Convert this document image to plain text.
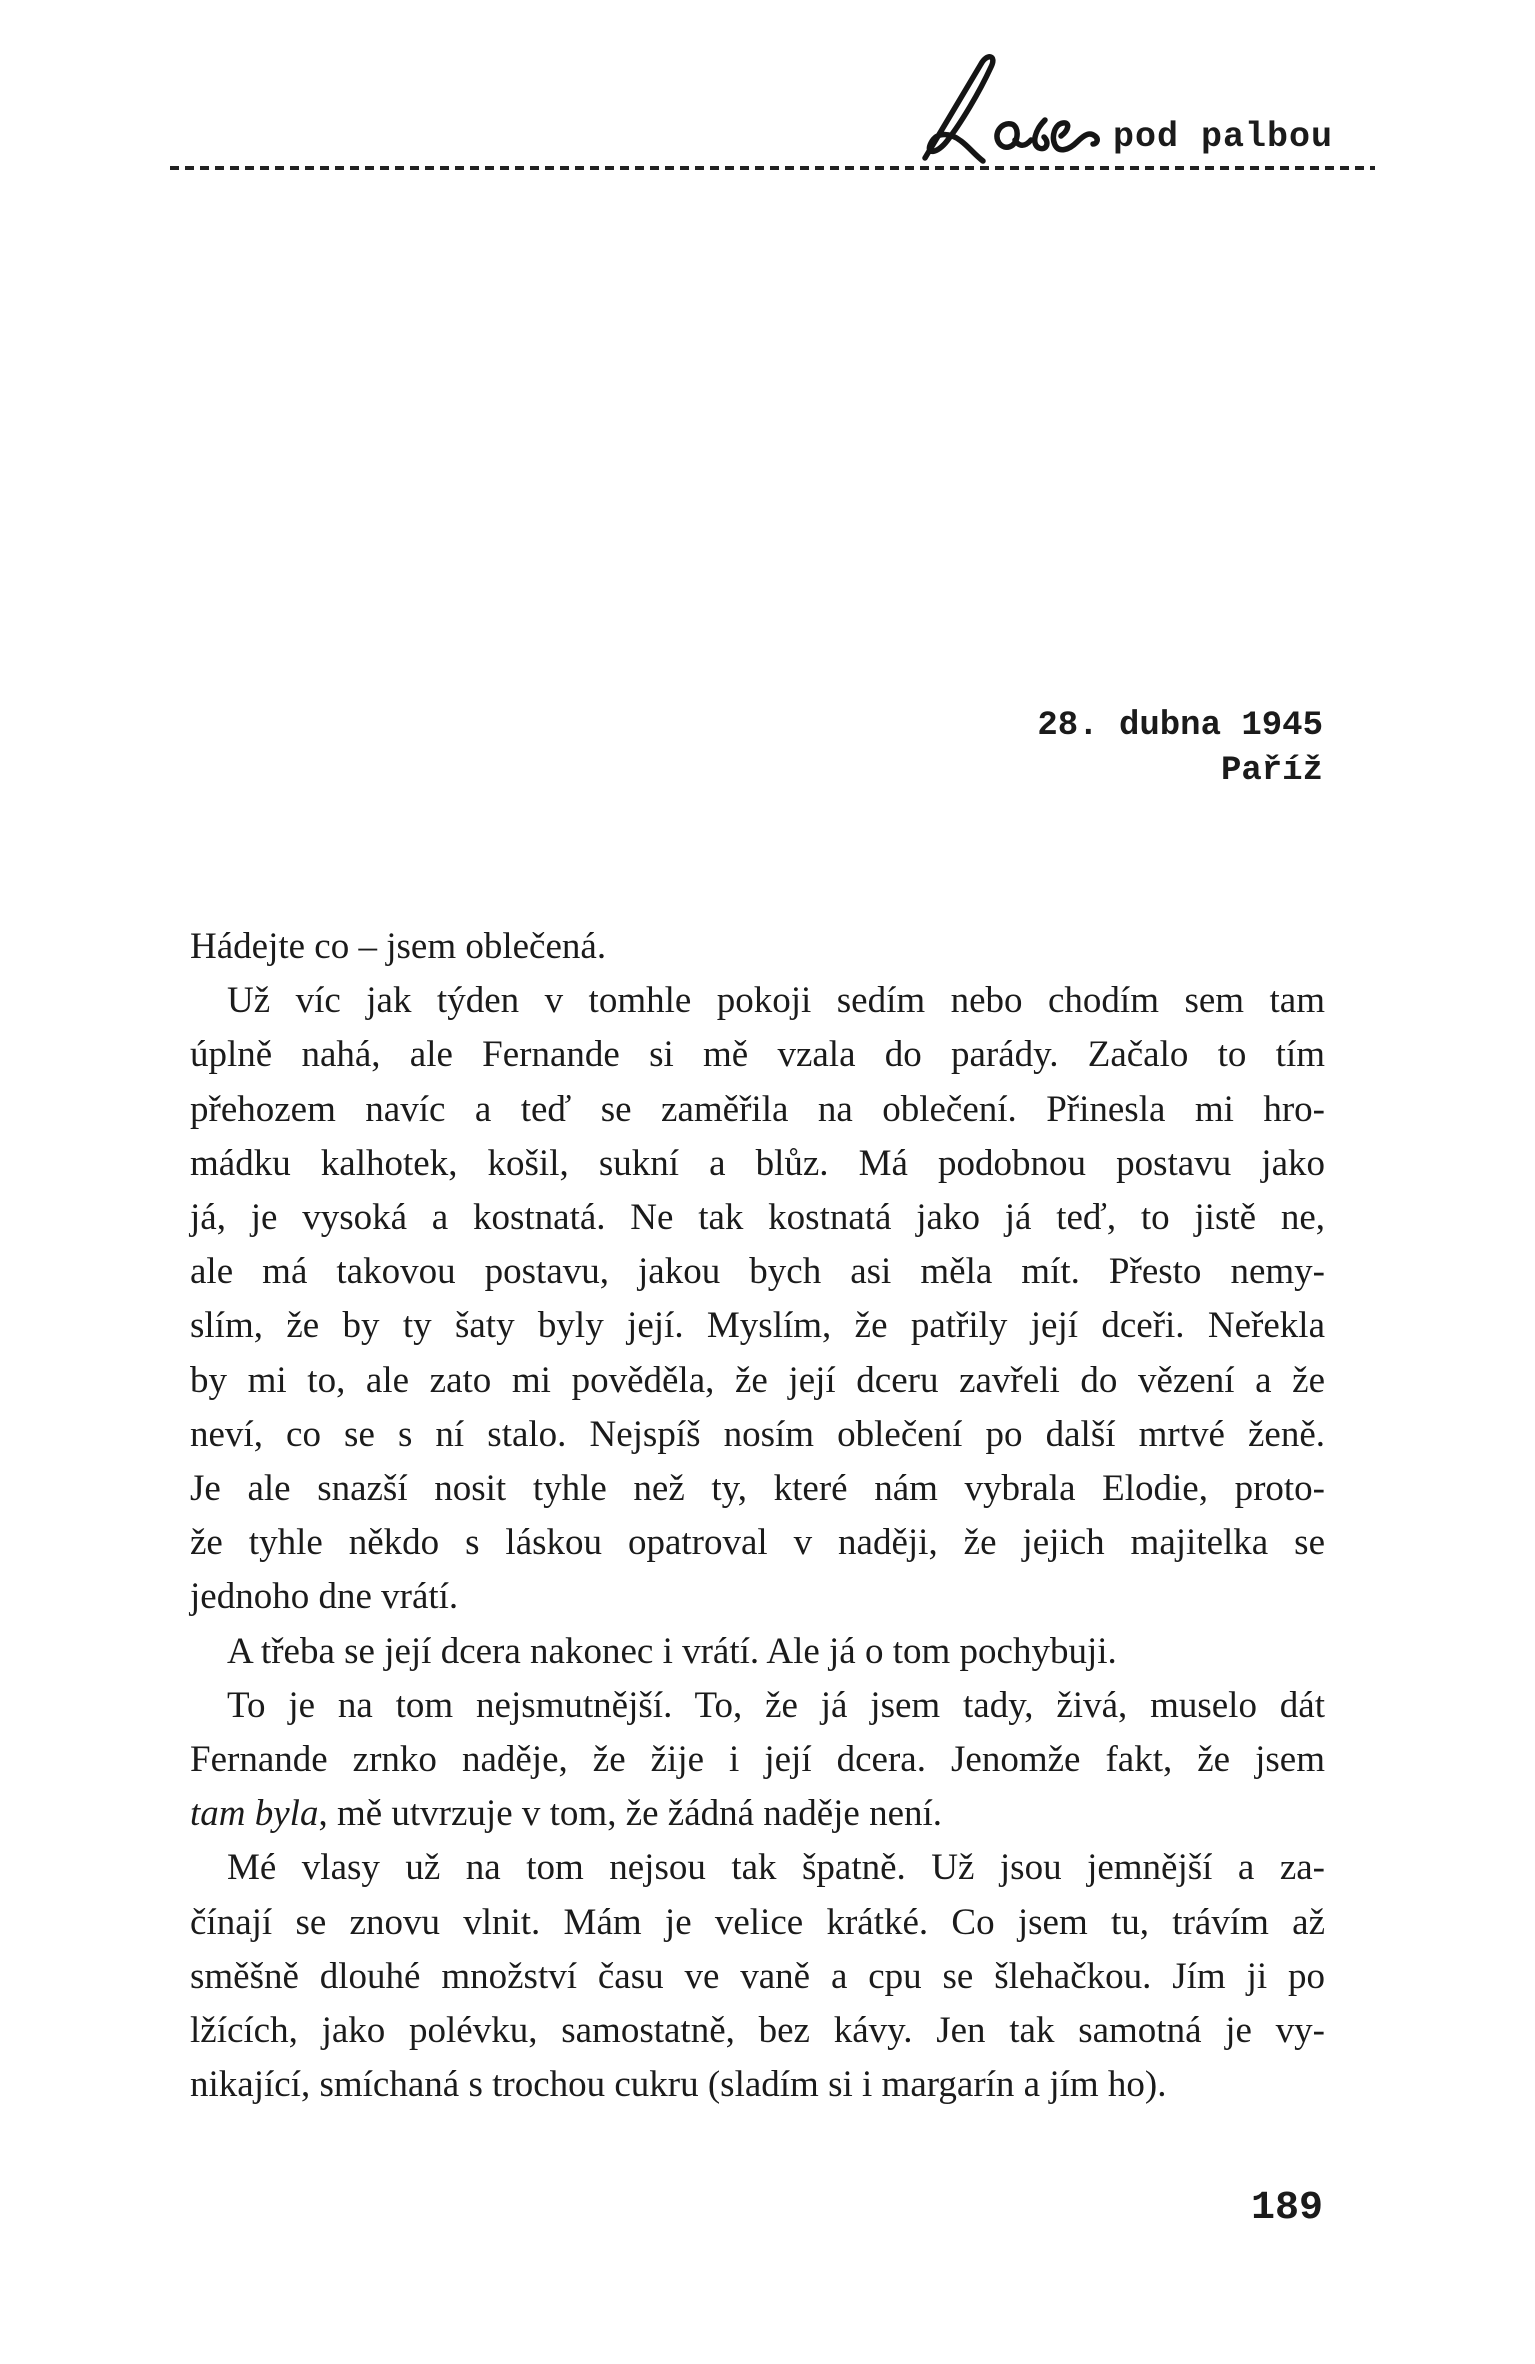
pod palbou
28. dubna 1945
Paříž
Hádejte co – jsem oblečená.
Už víc jak týden v tomhle pokoji sedím nebo chodím sem tam
úplně nahá, ale Fernande si mě vzala do parády. Začalo to tím
přehozem navíc a teď se zaměřila na oblečení. Přinesla mi hro-
mádku kalhotek, košil, sukní a blůz. Má podobnou postavu jako
já, je vysoká a kostnatá. Ne tak kostnatá jako já teď, to jistě ne,
ale má takovou postavu, jakou bych asi měla mít. Přesto nemy-
slím, že by ty šaty byly její. Myslím, že patřily její dceři. Neřekla
by mi to, ale zato mi pověděla, že její dceru zavřeli do vězení a že
neví, co se s ní stalo. Nejspíš nosím oblečení po další mrtvé ženě.
Je ale snazší nosit tyhle než ty, které nám vybrala Elodie, proto-
že tyhle někdo s láskou opatroval v naději, že jejich majitelka se
jednoho dne vrátí.
A třeba se její dcera nakonec i vrátí. Ale já o tom pochybuji.
To je na tom nejsmutnější. To, že já jsem tady, živá, muselo dát
Fernande zrnko naděje, že žije i její dcera. Jenomže fakt, že jsem
tam byla, mě utvrzuje v tom, že žádná naděje není.
Mé vlasy už na tom nejsou tak špatně. Už jsou jemnější a za-
čínají se znovu vlnit. Mám je velice krátké. Co jsem tu, trávím až
směšně dlouhé množství času ve vaně a cpu se šlehačkou. Jím ji po
lžících, jako polévku, samostatně, bez kávy. Jen tak samotná je vy-
nikající, smíchaná s trochou cukru (sladím si i margarín a jím ho).
189
